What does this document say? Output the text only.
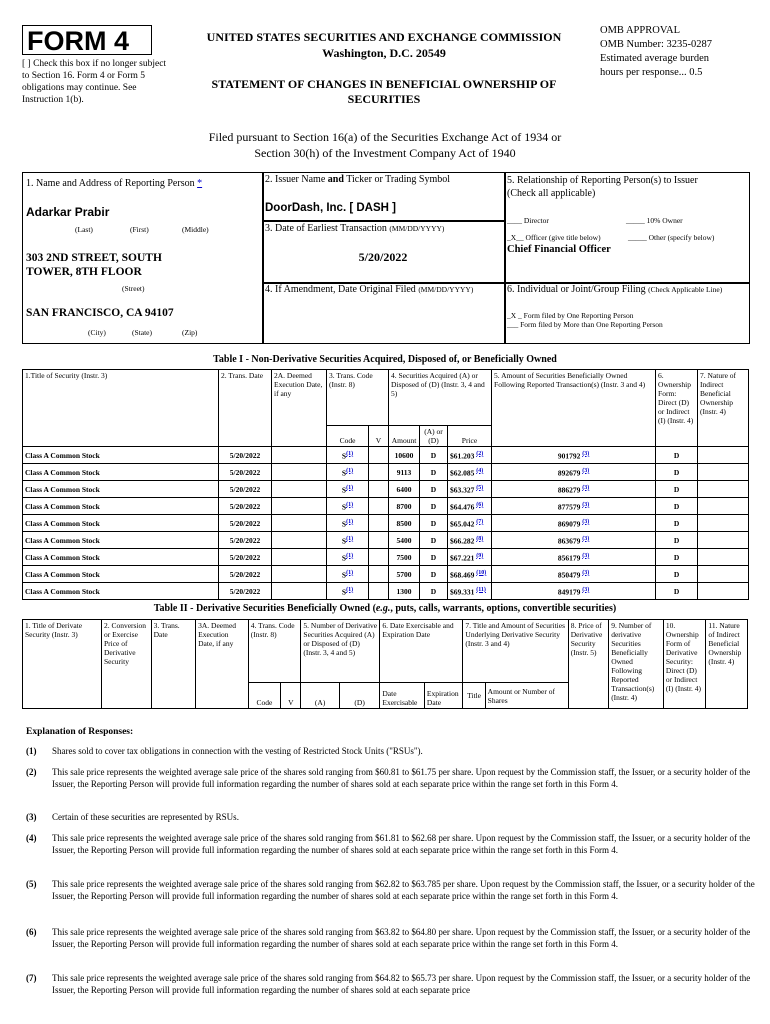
FORM 4
[ ] Check this box if no longer subject to Section 16. Form 4 or Form 5 obligations may continue. See Instruction 1(b).
UNITED STATES SECURITIES AND EXCHANGE COMMISSION
Washington, D.C. 20549
STATEMENT OF CHANGES IN BENEFICIAL OWNERSHIP OF SECURITIES
OMB APPROVAL
OMB Number: 3235-0287
Estimated average burden
hours per response... 0.5
Filed pursuant to Section 16(a) of the Securities Exchange Act of 1934 or
Section 30(h) of the Investment Company Act of 1940
1. Name and Address of Reporting Person *
Adarkar Prabir
(Last)	(First)	(Middle)
303 2ND STREET, SOUTH
TOWER, 8TH FLOOR
(Street)
SAN FRANCISCO, CA 94107
(City)	(State)	(Zip)
2. Issuer Name and Ticker or Trading Symbol
DoorDash, Inc. [ DASH ]
3. Date of Earliest Transaction (MM/DD/YYYY)
5/20/2022
4. If Amendment, Date Original Filed (MM/DD/YYYY)
5. Relationship of Reporting Person(s) to Issuer
(Check all applicable)
____ Director	_____ 10% Owner
_X__ Officer (give title below)	_____ Other (specify below)
Chief Financial Officer
6. Individual or Joint/Group Filing (Check Applicable Line)
_X _ Form filed by One Reporting Person
___ Form filed by More than One Reporting Person
Table I - Non-Derivative Securities Acquired, Disposed of, or Beneficially Owned
1.Title of Security (Instr. 3)	2. Trans. Date	2A. Deemed Execution Date, if any	3. Trans. Code (Instr. 8)		4. Securities Acquired (A) or Disposed of (D) (Instr. 3, 4 and 5)			5. Amount of Securities Beneficially Owned Following Reported Transaction(s) (Instr. 3 and 4)	6. Ownership Form: Direct (D) or Indirect (I) (Instr. 4)	7. Nature of Indirect Beneficial Ownership (Instr. 4)
			Code	V	Amount	(A) or (D)	Price			
Class A Common Stock	5/20/2022		$S^{(1)}$		10600	D	$61.203 $^{(2)}$	901792 $^{(3)}$	D	
Class A Common Stock	5/20/2022		$S^{(1)}$		9113	D	$62.085 $^{(4)}$	892679 $^{(3)}$	D	
Class A Common Stock	5/20/2022		$S^{(1)}$		6400	D	$63.327 $^{(5)}$	886279 $^{(3)}$	D	
Class A Common Stock	5/20/2022		$S^{(1)}$		8700	D	$64.476 $^{(6)}$	877579 $^{(3)}$	D	
Class A Common Stock	5/20/2022		$S^{(1)}$		8500	D	$65.042 $^{(7)}$	869079 $^{(3)}$	D	
Class A Common Stock	5/20/2022		$S^{(1)}$		5400	D	$66.282 $^{(8)}$	863679 $^{(3)}$	D	
Class A Common Stock	5/20/2022		$S^{(1)}$		7500	D	$67.221 $^{(9)}$	856179 $^{(3)}$	D	
Class A Common Stock	5/20/2022		$S^{(1)}$		5700	D	$68.469 $^{(10)}$	850479 $^{(3)}$	D	
Class A Common Stock	5/20/2022		$S^{(1)}$		1300	D	$69.331 $^{(11)}$	849179 $^{(3)}$	D	
Table II - Derivative Securities Beneficially Owned (e.g., puts, calls, warrants, options, convertible securities)
1. Title of Derivate Security (Instr. 3)	2. Conversion or Exercise Price of Derivative Security	3. Trans. Date	3A. Deemed Execution Date, if any	4. Trans. Code (Instr. 8)		5. Number of Derivative Securities Acquired (A) or Disposed of (D) (Instr. 3, 4 and 5)		6. Date Exercisable and Expiration Date		7. Title and Amount of Securities Underlying Derivative Security (Instr. 3 and 4)		8. Price of Derivative Security (Instr. 5)	9. Number of derivative Securities Beneficially Owned Following Reported Transaction(s) (Instr. 4)	10. Ownership Form of Derivative Security: Direct (D) or Indirect (I) (Instr. 4)	11. Nature of Indirect Beneficial Ownership (Instr. 4)
				Code	V	(A)	(D)	Date Exercisable	Expiration Date	Title	Amount or Number of Shares				
Explanation of Responses:
(1)	Shares sold to cover tax obligations in connection with the vesting of Restricted Stock Units ("RSUs").
(2)	This sale price represents the weighted average sale price of the shares sold ranging from $60.81 to $61.75 per share. Upon request by the Commission staff, the Issuer, or a security holder of the Issuer, the Reporting Person will provide full information regarding the number of shares sold at each separate price within the range set forth in this Form 4.
(3)	Certain of these securities are represented by RSUs.
(4)	This sale price represents the weighted average sale price of the shares sold ranging from $61.81 to $62.68 per share. Upon request by the Commission staff, the Issuer, or a security holder of the Issuer, the Reporting Person will provide full information regarding the number of shares sold at each separate price within the range set forth in this Form 4.
(5)	This sale price represents the weighted average sale price of the shares sold ranging from $62.82 to $63.785 per share. Upon request by the Commission staff, the Issuer, or a security holder of the Issuer, the Reporting Person will provide full information regarding the number of shares sold at each separate price within the range set forth in this Form 4.
(6)	This sale price represents the weighted average sale price of the shares sold ranging from $63.82 to $64.80 per share. Upon request by the Commission staff, the Issuer, or a security holder of the Issuer, the Reporting Person will provide full information regarding the number of shares sold at each separate price within the range set forth in this Form 4.
(7)	This sale price represents the weighted average sale price of the shares sold ranging from $64.82 to $65.73 per share. Upon request by the Commission staff, the Issuer, or a security holder of the Issuer, the Reporting Person will provide full information regarding the number of shares sold at each separate price
